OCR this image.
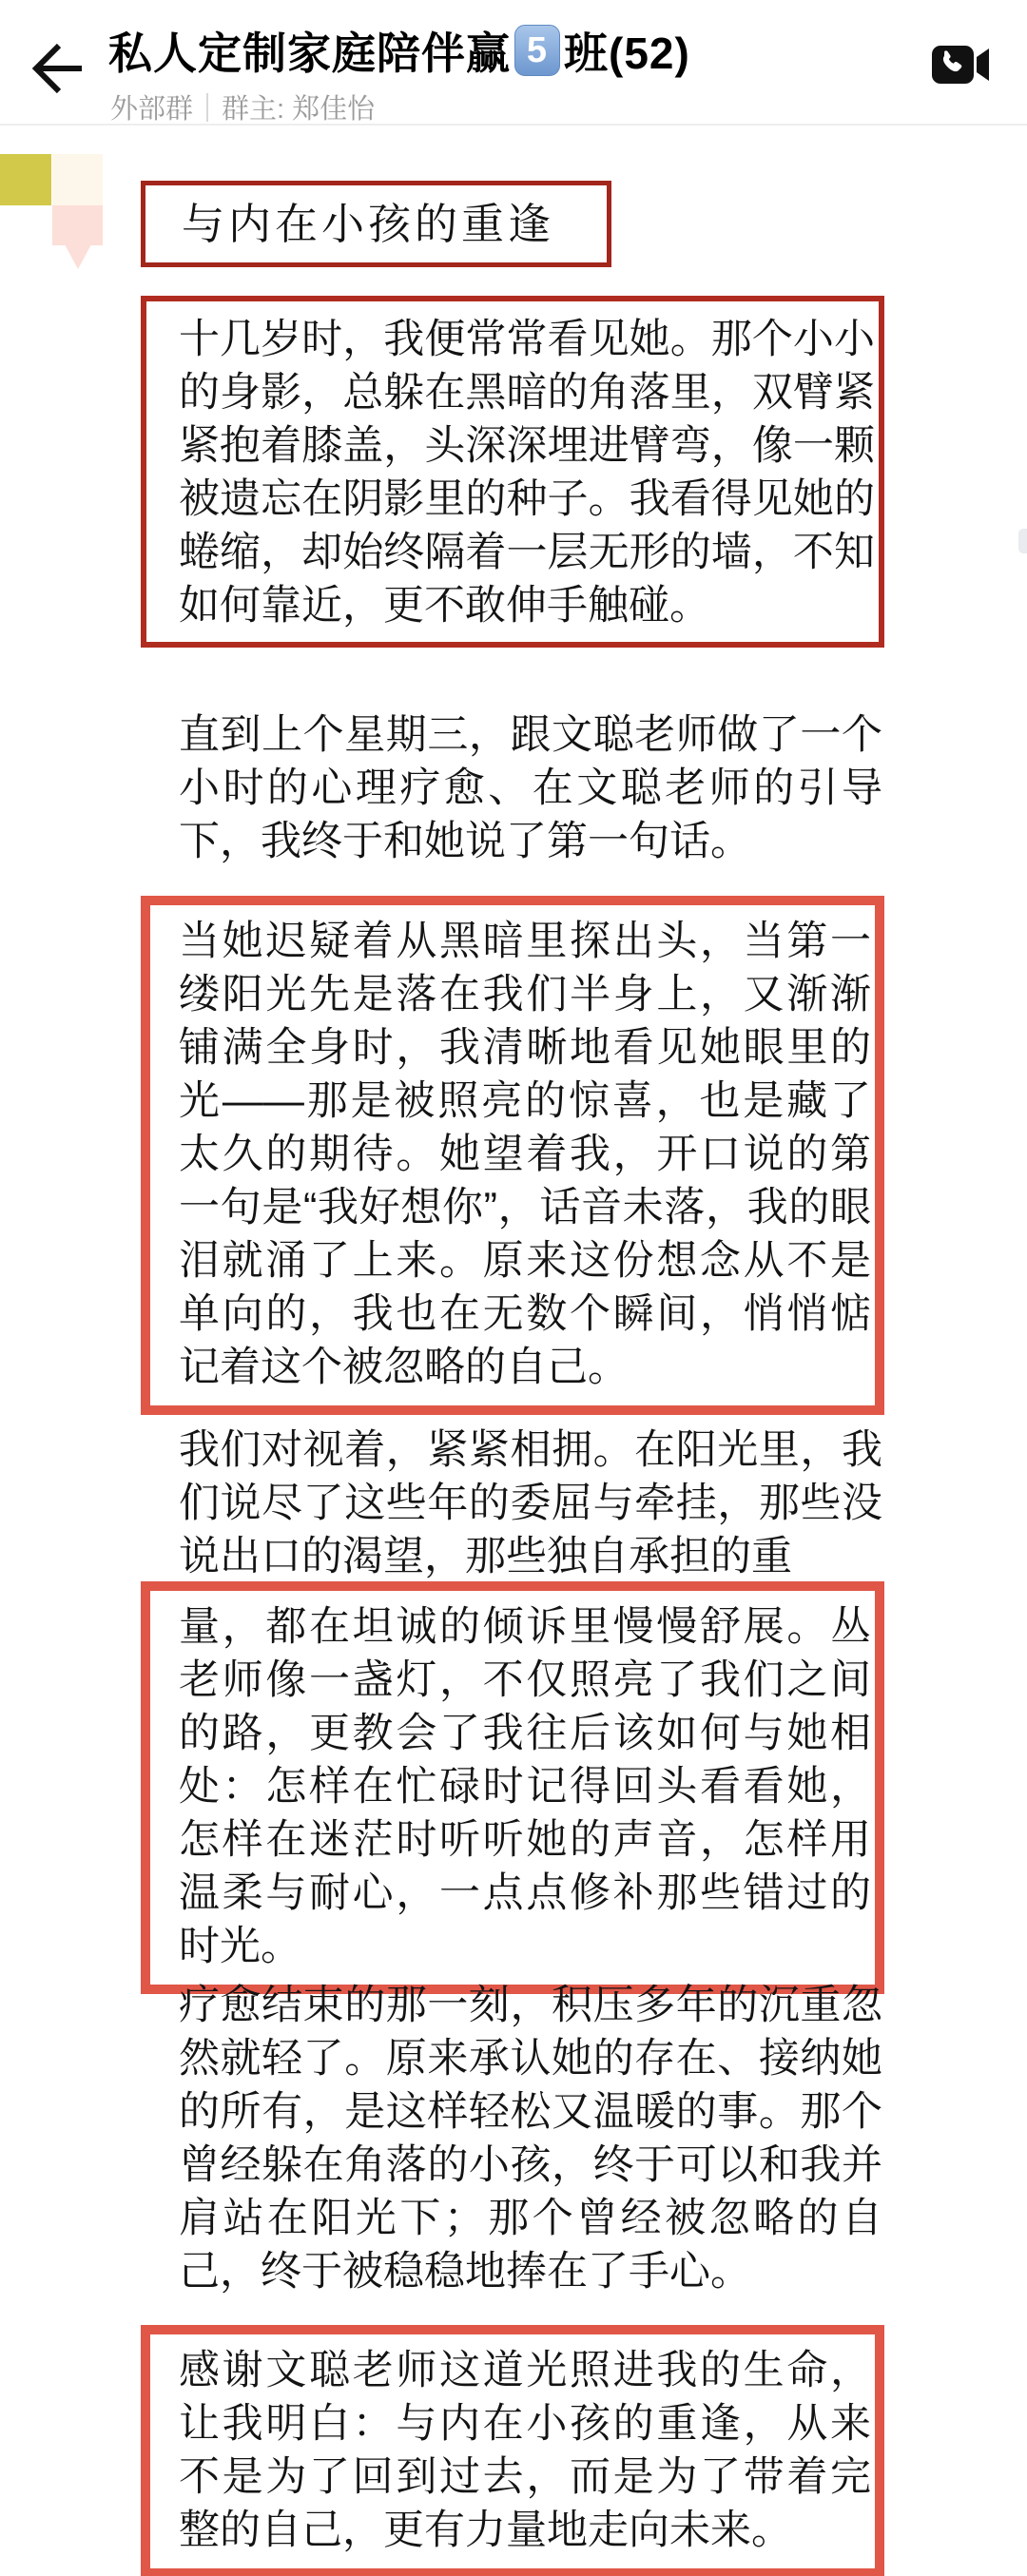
私人定制家庭陪伴赢 5 班(52)
外部群 群主: 郑佳怡
与内在小孩的重逢
十几岁时，我便常常看见她。那个小小的身影，总躲在黑暗的角落里，双臂紧紧抱着膝盖，头深深埋进臂弯，像一颗被遗忘在阴影里的种子。我看得见她的蜷缩，却始终隔着一层无形的墙，不知如何靠近，更不敢伸手触碰。
直到上个星期三，跟文聪老师做了一个小时的心理疗愈、在文聪老师的引导下，我终于和她说了第一句话。
当她迟疑着从黑暗里探出头，当第一缕阳光先是落在我们半身上，又渐渐铺满全身时，我清晰地看见她眼里的光——那是被照亮的惊喜，也是藏了太久的期待。她望着我，开口说的第一句是“我好想你”，话音未落，我的眼泪就涌了上来。原来这份想念从不是单向的，我也在无数个瞬间，悄悄惦记着这个被忽略的自己。
我们对视着，紧紧相拥。在阳光里，我们说尽了这些年的委屈与牵挂，那些没说出口的渴望，那些独自承担的重
量，都在坦诚的倾诉里慢慢舒展。丛老师像一盏灯，不仅照亮了我们之间的路，更教会了我往后该如何与她相处：怎样在忙碌时记得回头看看她，怎样在迷茫时听听她的声音，怎样用温柔与耐心，一点点修补那些错过的时光。
疗愈结束的那一刻，积压多年的沉重忽然就轻了。原来承认她的存在、接纳她的所有，是这样轻松又温暖的事。那个曾经躲在角落的小孩，终于可以和我并肩站在阳光下；那个曾经被忽略的自己，终于被稳稳地捧在了手心。
感谢文聪老师这道光照进我的生命，让我明白：与内在小孩的重逢，从来不是为了回到过去，而是为了带着完整的自己，更有力量地走向未来。
